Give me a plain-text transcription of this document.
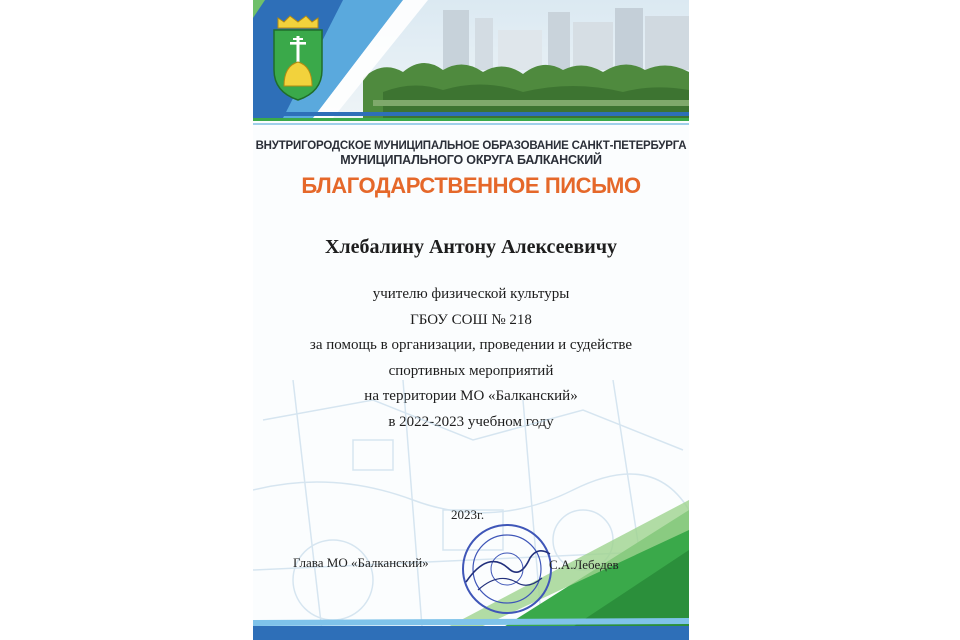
ВНУТРИГОРОДСКОЕ МУНИЦИПАЛЬНОЕ ОБРАЗОВАНИЕ САНКТ-ПЕТЕРБУРГА
МУНИЦИПАЛЬНОГО ОКРУГА БАЛКАНСКИЙ
БЛАГОДАРСТВЕННОЕ ПИСЬМО
Хлебалину Антону Алексеевичу
учителю физической культуры
ГБОУ СОШ № 218
за помощь в организации, проведении и судействе
спортивных мероприятий
на территории МО «Балканский»
в 2022-2023 учебном году
2023г.
Глава МО «Балканский»	С.А.Лебедев
